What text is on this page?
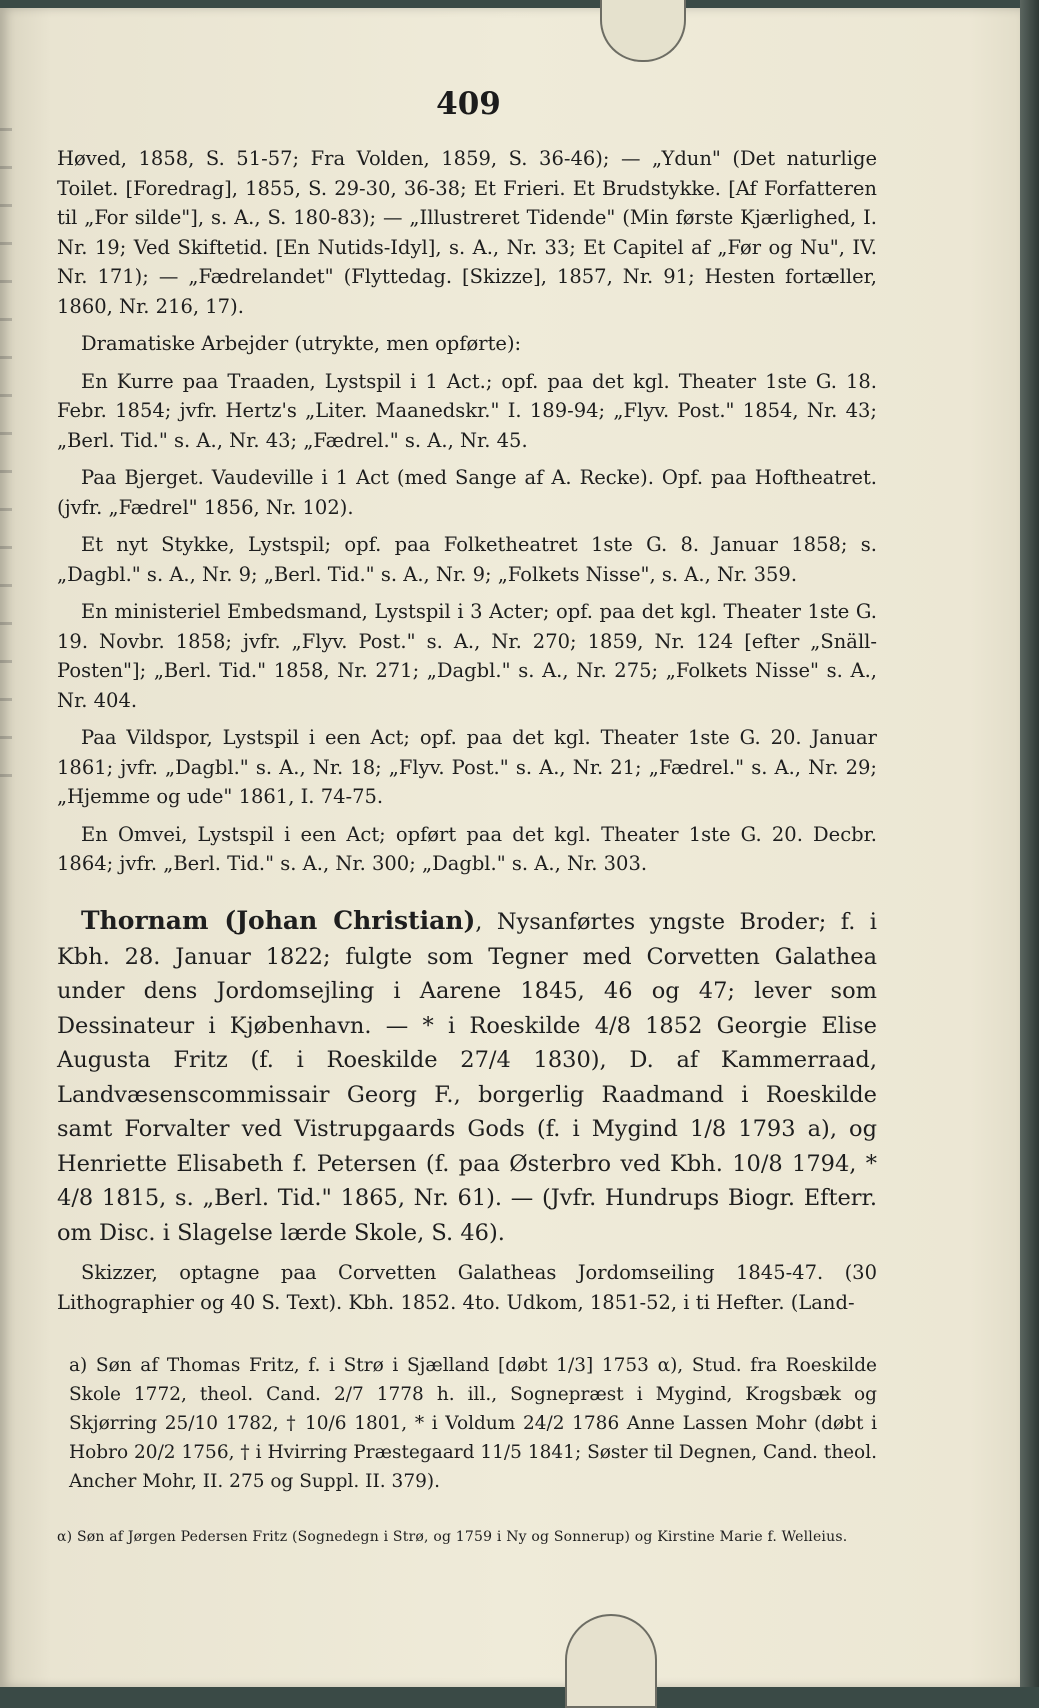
409

Høved, 1858, S. 51-57; Fra Volden, 1859, S. 36-46); — „Ydun" (Det naturlige Toilet. [Foredrag], 1855, S. 29-30, 36-38; Et Frieri. Et Brudstykke. [Af Forfatteren til „For silde"], s. A., S. 180-83); — „Illustreret Tidende" (Min første Kjærlighed, I. Nr. 19; Ved Skiftetid. [En Nutids-Idyl], s. A., Nr. 33; Et Capitel af „Før og Nu", IV. Nr. 171); — „Fædrelandet" (Flyttedag. [Skizze], 1857, Nr. 91; Hesten fortæller, 1860, Nr. 216, 17).

Dramatiske Arbejder (utrykte, men opførte):

En Kurre paa Traaden, Lystspil i 1 Act.; opf. paa det kgl. Theater 1ste G. 18. Febr. 1854; jvfr. Hertz's „Liter. Maanedskr." I. 189-94; „Flyv. Post." 1854, Nr. 43; „Berl. Tid." s. A., Nr. 43; „Fædrel." s. A., Nr. 45.

Paa Bjerget. Vaudeville i 1 Act (med Sange af A. Recke). Opf. paa Hoftheatret. (jvfr. „Fædrel" 1856, Nr. 102).

Et nyt Stykke, Lystspil; opf. paa Folketheatret 1ste G. 8. Januar 1858; s. „Dagbl." s. A., Nr. 9; „Berl. Tid." s. A., Nr. 9; „Folkets Nisse", s. A., Nr. 359.

En ministeriel Embedsmand, Lystspil i 3 Acter; opf. paa det kgl. Theater 1ste G. 19. Novbr. 1858; jvfr. „Flyv. Post." s. A., Nr. 270; 1859, Nr. 124 [efter „Snäll-Posten"]; „Berl. Tid." 1858, Nr. 271; „Dagbl." s. A., Nr. 275; „Folkets Nisse" s. A., Nr. 404.

Paa Vildspor, Lystspil i een Act; opf. paa det kgl. Theater 1ste G. 20. Januar 1861; jvfr. „Dagbl." s. A., Nr. 18; „Flyv. Post." s. A., Nr. 21; „Fædrel." s. A., Nr. 29; „Hjemme og ude" 1861, I. 74-75.

En Omvei, Lystspil i een Act; opført paa det kgl. Theater 1ste G. 20. Decbr. 1864; jvfr. „Berl. Tid." s. A., Nr. 300; „Dagbl." s. A., Nr. 303.

Thornam (Johan Christian), Nysanførtes yngste Broder; f. i Kbh. 28. Januar 1822; fulgte som Tegner med Corvetten Galathea under dens Jordomsejling i Aarene 1845, 46 og 47; lever som Dessinateur i Kjøbenhavn. — * i Roeskilde 4/8 1852 Georgie Elise Augusta Fritz (f. i Roeskilde 27/4 1830), D. af Kammerraad, Landvæsenscommissair Georg F., borgerlig Raadmand i Roeskilde samt Forvalter ved Vistrupgaards Gods (f. i Mygind 1/8 1793 a), og Henriette Elisabeth f. Petersen (f. paa Østerbro ved Kbh. 10/8 1794, * 4/8 1815, s. „Berl. Tid." 1865, Nr. 61). — (Jvfr. Hundrups Biogr. Efterr. om Disc. i Slagelse lærde Skole, S. 46).

Skizzer, optagne paa Corvetten Galatheas Jordomseiling 1845-47. (30 Lithographier og 40 S. Text). Kbh. 1852. 4to. Udkom, 1851-52, i ti Hefter. (Land-

a) Søn af Thomas Fritz, f. i Strø i Sjælland [døbt 1/3] 1753 α), Stud. fra Roeskilde Skole 1772, theol. Cand. 2/7 1778 h. ill., Sognepræst i Mygind, Krogsbæk og Skjørring 25/10 1782, † 10/6 1801, * i Voldum 24/2 1786 Anne Lassen Mohr (døbt i Hobro 20/2 1756, † i Hvirring Præstegaard 11/5 1841; Søster til Degnen, Cand. theol. Ancher Mohr, II. 275 og Suppl. II. 379).

α) Søn af Jørgen Pedersen Fritz (Sognedegn i Strø, og 1759 i Ny og Sonnerup) og Kirstine Marie f. Welleius.
